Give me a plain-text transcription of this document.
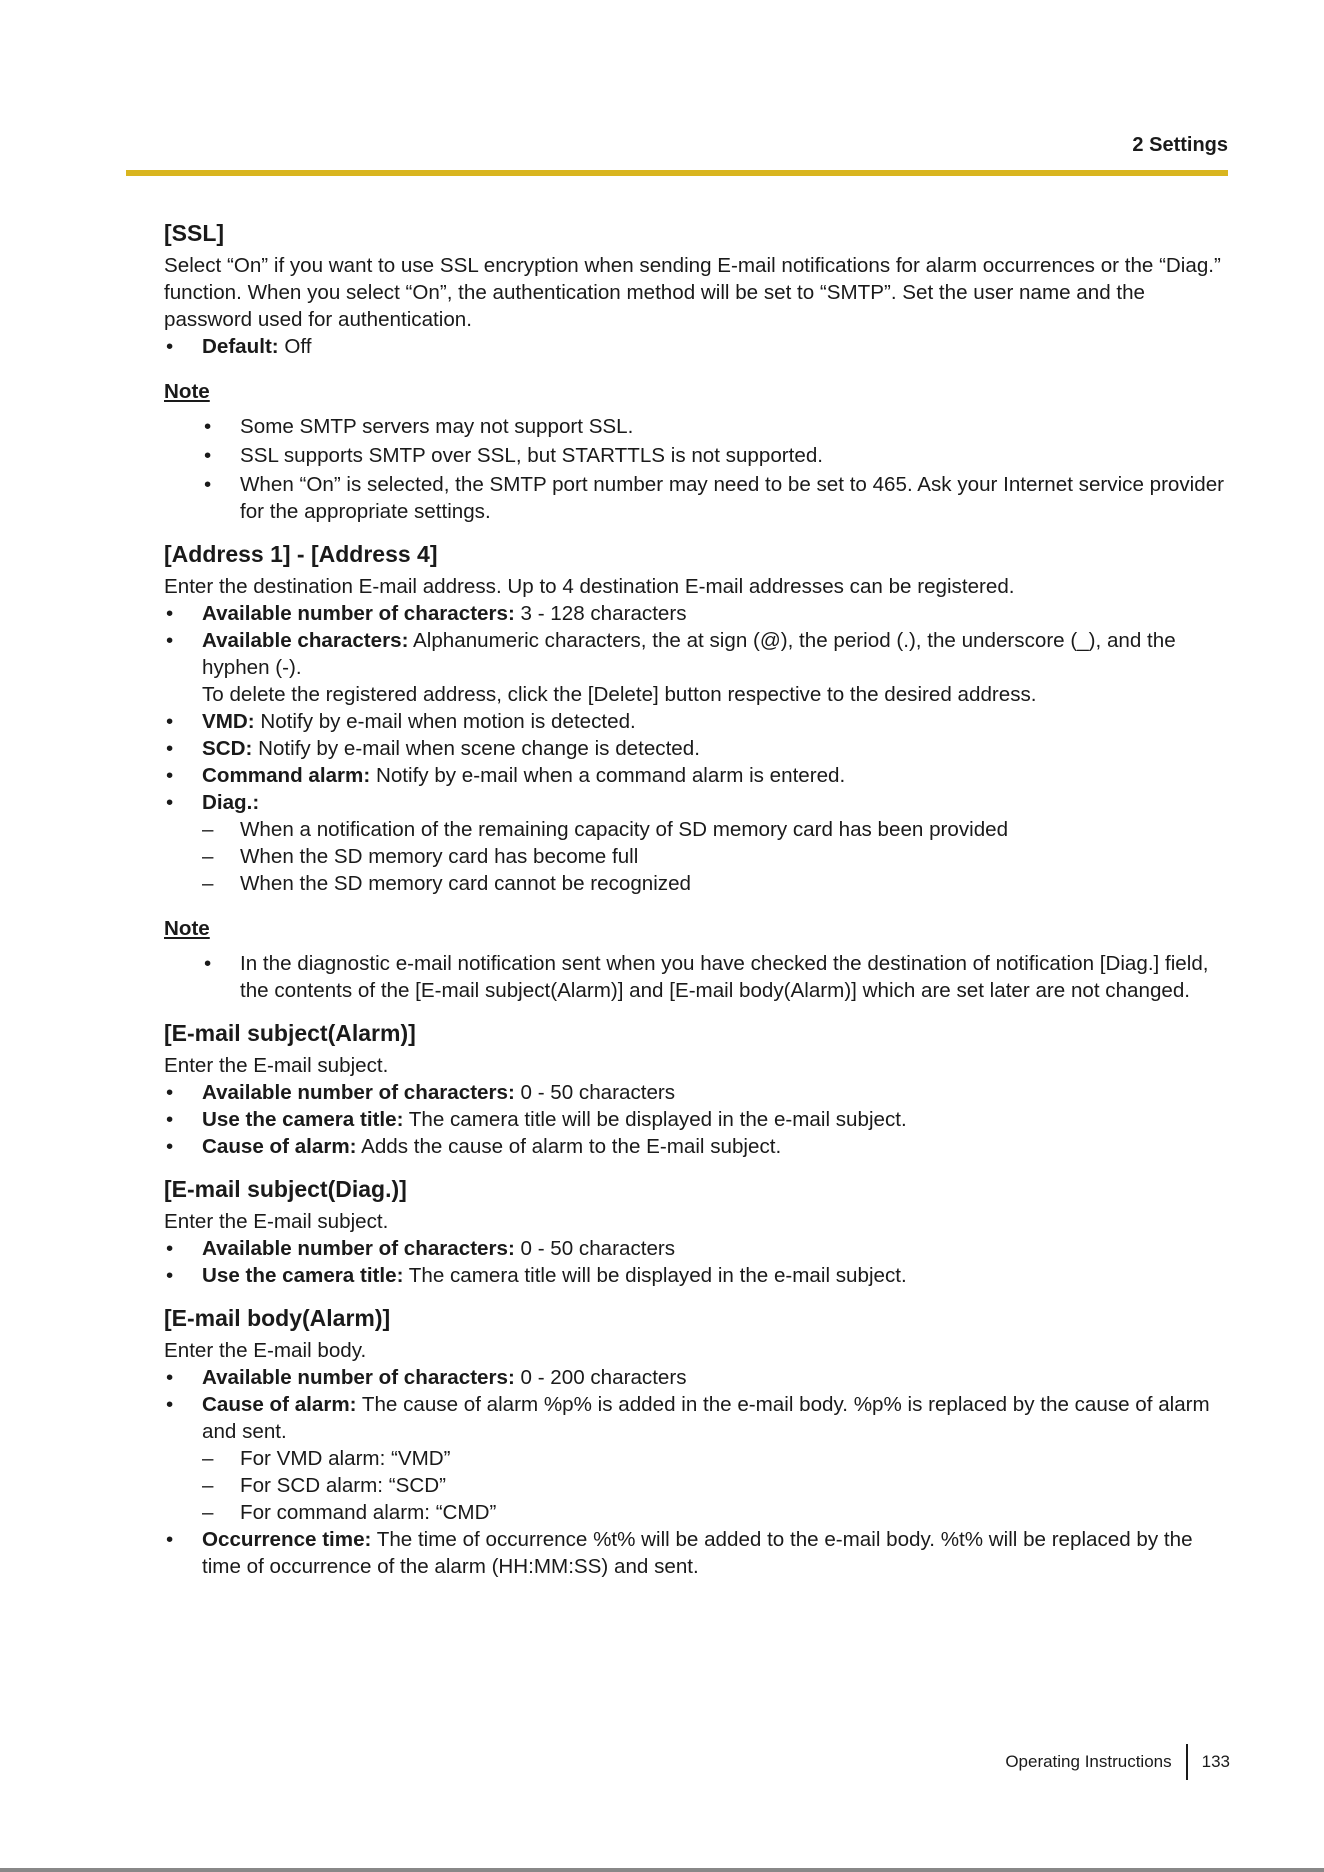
2 Settings
[SSL]

Select “On” if you want to use SSL encryption when sending E-mail notifications for alarm occurrences or the “Diag.” function. When you select “On”, the authentication method will be set to “SMTP”. Set the user name and the password used for authentication.

• Default: Off
Note
• Some SMTP servers may not support SSL.
• SSL supports SMTP over SSL, but STARTTLS is not supported.
• When “On” is selected, the SMTP port number may need to be set to 465. Ask your Internet service provider for the appropriate settings.
[Address 1] - [Address 4]

Enter the destination E-mail address. Up to 4 destination E-mail addresses can be registered.

• Available number of characters: 3 - 128 characters
• Available characters: Alphanumeric characters, the at sign (@), the period (.), the underscore (_), and the hyphen (-).
To delete the registered address, click the [Delete] button respective to the desired address.
• VMD: Notify by e-mail when motion is detected.
• SCD: Notify by e-mail when scene change is detected.
• Command alarm: Notify by e-mail when a command alarm is entered.
• Diag.:
– When a notification of the remaining capacity of SD memory card has been provided
– When the SD memory card has become full
– When the SD memory card cannot be recognized
Note
• In the diagnostic e-mail notification sent when you have checked the destination of notification [Diag.] field, the contents of the [E-mail subject(Alarm)] and [E-mail body(Alarm)] which are set later are not changed.
[E-mail subject(Alarm)]

Enter the E-mail subject.

• Available number of characters: 0 - 50 characters
• Use the camera title: The camera title will be displayed in the e-mail subject.
• Cause of alarm: Adds the cause of alarm to the E-mail subject.
[E-mail subject(Diag.)]

Enter the E-mail subject.

• Available number of characters: 0 - 50 characters
• Use the camera title: The camera title will be displayed in the e-mail subject.
[E-mail body(Alarm)]

Enter the E-mail body.

• Available number of characters: 0 - 200 characters
• Cause of alarm: The cause of alarm %p% is added in the e-mail body. %p% is replaced by the cause of alarm and sent.
– For VMD alarm: “VMD”
– For SCD alarm: “SCD”
– For command alarm: “CMD”
• Occurrence time: The time of occurrence %t% will be added to the e-mail body. %t% will be replaced by the time of occurrence of the alarm (HH:MM:SS) and sent.
Operating Instructions 133
